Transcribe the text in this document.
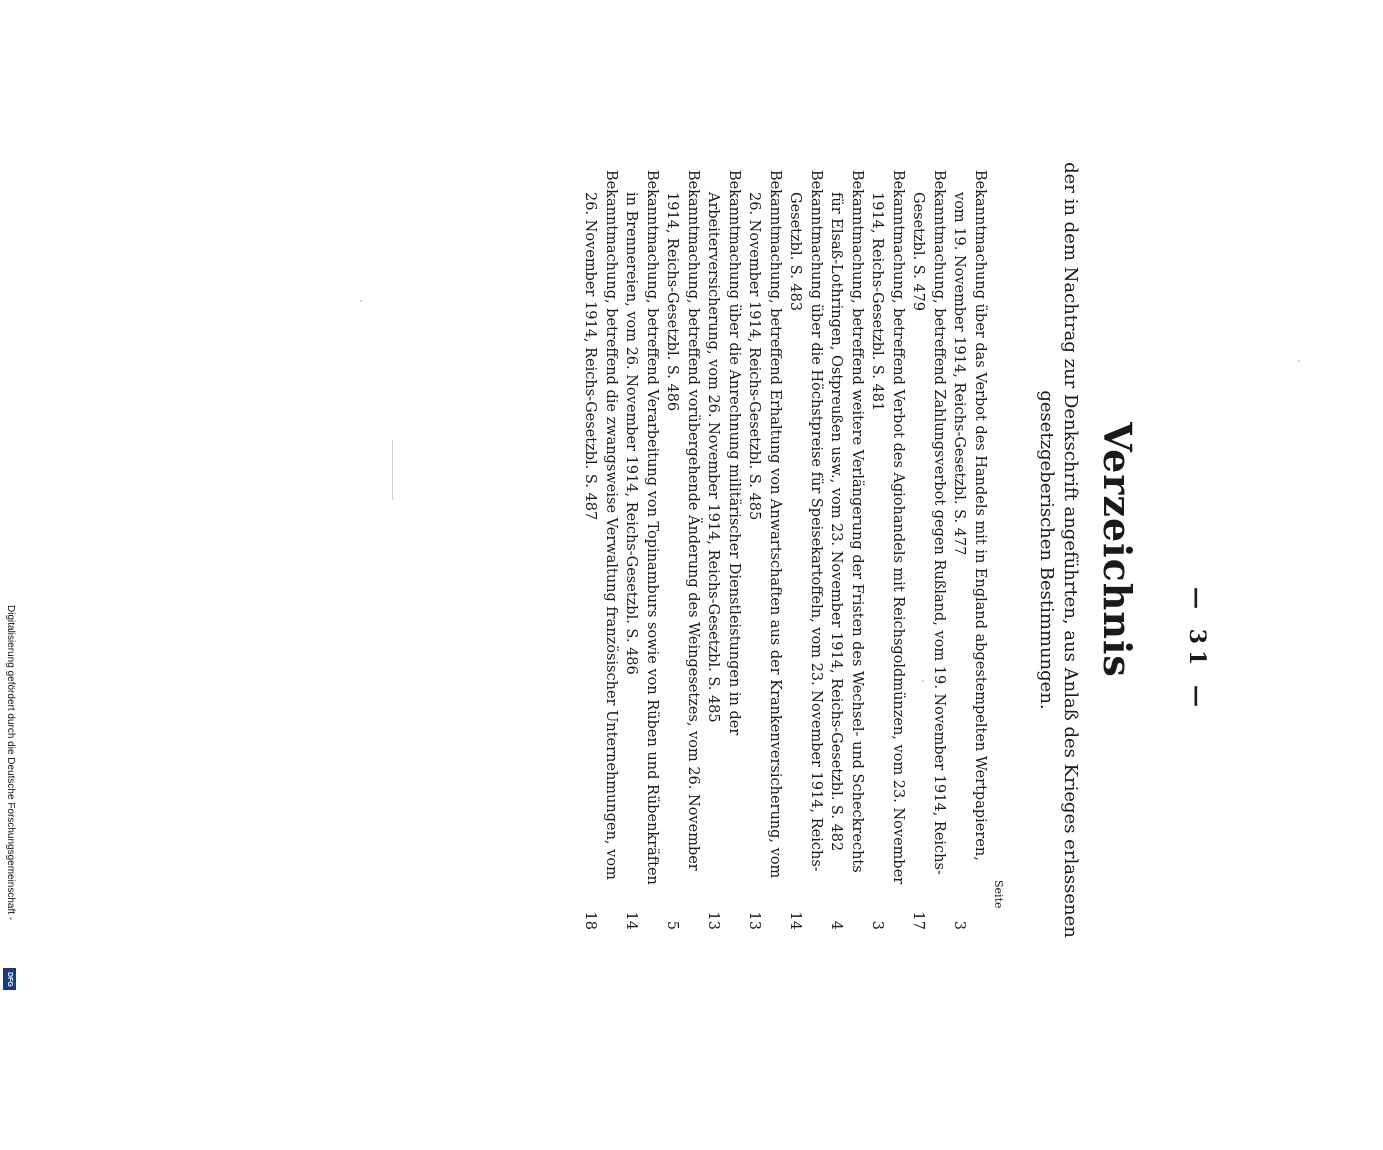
— 31 —
Verzeichnis
der in dem Nachtrag zur Denkschrift angeführten, aus Anlaß des Krieges erlassenen gesetzgeberischen Bestimmungen.
Seite
Bekanntmachung über das Verbot des Handels mit in England abgestempelten Wertpapieren, vom 19. November 1914, Reichs-Gesetzbl. S. 477
3
Bekanntmachung, betreffend Zahlungsverbot gegen Rußland, vom 19. November 1914, Reichs-Gesetzbl. S. 479
17
Bekanntmachung, betreffend Verbot des Agiohandels mit Reichsgoldmünzen, vom 23. November 1914, Reichs-Gesetzbl. S. 481
3
Bekanntmachung, betreffend weitere Verlängerung der Fristen des Wechsel- und Scheckrechts für Elsaß-Lothringen, Ostpreußen usw., vom 23. November 1914, Reichs-Gesetzbl. S. 482
4
Bekanntmachung über die Höchstpreise für Speisekartoffeln, vom 23. November 1914, Reichs-Gesetzbl. S. 483
14
Bekanntmachung, betreffend Erhaltung von Anwartschaften aus der Krankenversicherung, vom 26. November 1914, Reichs-Gesetzbl. S. 485
13
Bekanntmachung über die Anrechnung militärischer Dienstleistungen in der Arbeiterversicherung, vom 26. November 1914, Reichs-Gesetzbl. S. 485
13
Bekanntmachung, betreffend vorübergehende Änderung des Weingesetzes, vom 26. November 1914, Reichs-Gesetzbl. S. 486
5
Bekanntmachung, betreffend Verarbeitung von Topinamburs sowie von Rüben und Rübenkräften in Brennereien, vom 26. November 1914, Reichs-Gesetzbl. S. 486
14
Bekanntmachung, betreffend die zwangsweise Verwaltung französischer Unternehmungen, vom 26. November 1914, Reichs-Gesetzbl. S. 487
18
Digitalisierung gefördert durch die Deutsche Forschungsgemeinschaft -
DFG
